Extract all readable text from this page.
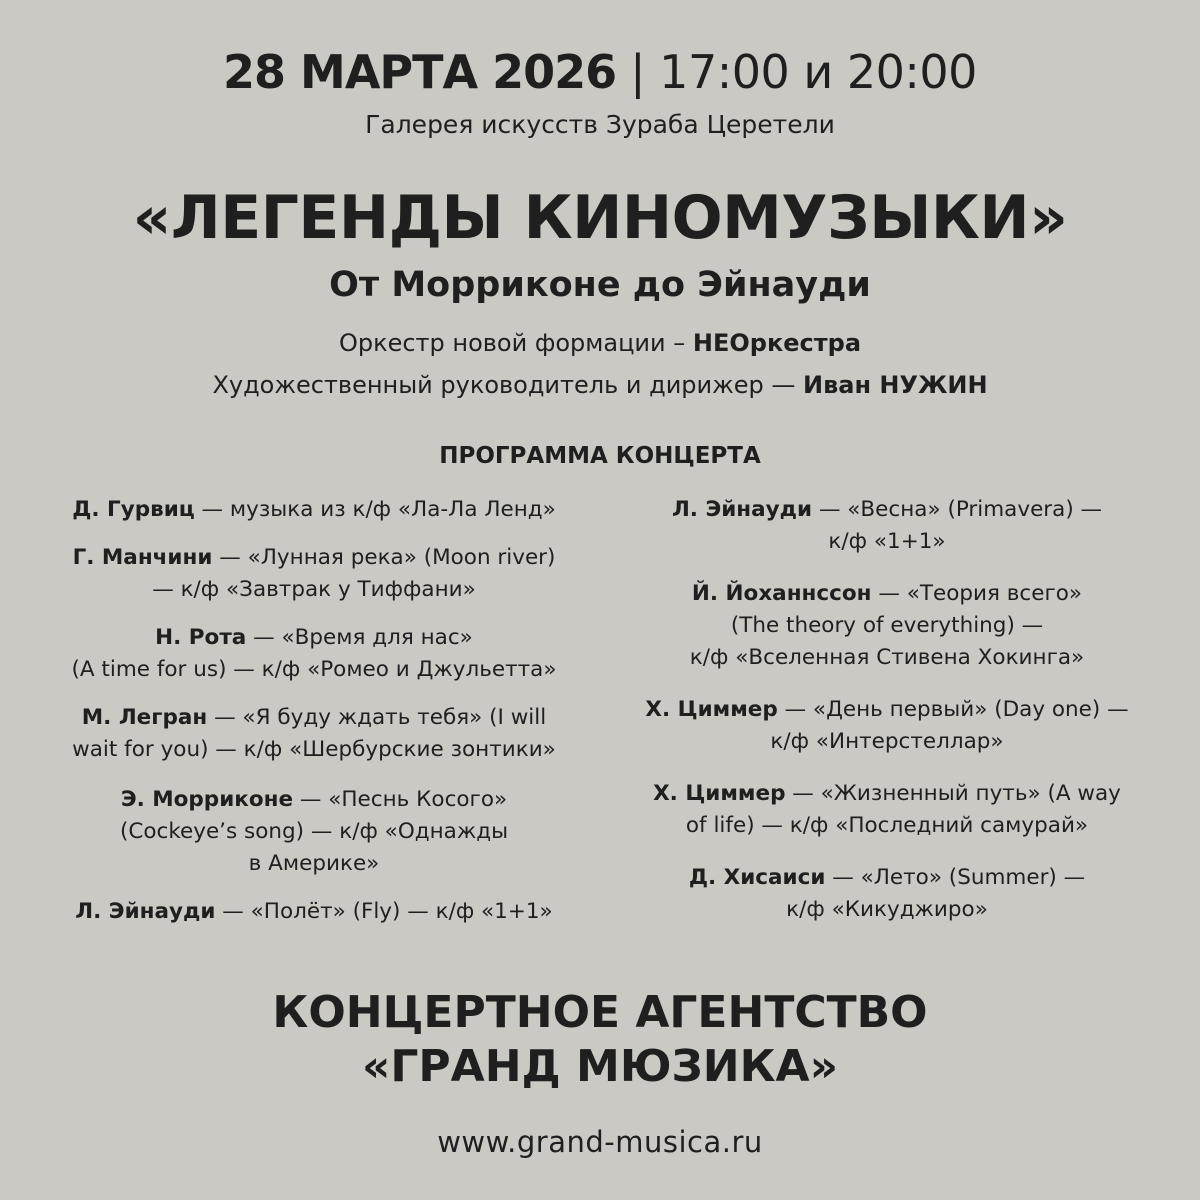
28 МАРТА 2026 | 17:00 и 20:00
Галерея искусств Зураба Церетели
«ЛЕГЕНДЫ КИНОМУЗЫКИ»
От Морриконе до Эйнауди
Оркестр новой формации – НЕОркестра
Художественный руководитель и дирижер — Иван НУЖИН
ПРОГРАММА КОНЦЕРТА
Д. Гурвиц — музыка из к/ф «Ла-Ла Ленд»
Г. Манчини — «Лунная река» (Moon river)
— к/ф «Завтрак у Тиффани»
Н. Рота — «Время для нас»
(A time for us) — к/ф «Ромео и Джульетта»
М. Легран — «Я буду ждать тебя» (I will
wait for you) — к/ф «Шербурские зонтики»
Э. Морриконе — «Песнь Косого»
(Cockeye’s song) — к/ф «Однажды
в Америке»
Л. Эйнауди — «Полёт» (Fly) — к/ф «1+1»
Л. Эйнауди — «Весна» (Primavera) —
к/ф «1+1»
Й. Йоханнссон — «Теория всего»
(The theory of everything) —
к/ф «Вселенная Стивена Хокинга»
Х. Циммер — «День первый» (Day one) —
к/ф «Интерстеллар»
Х. Циммер — «Жизненный путь» (A way
of life) — к/ф «Последний самурай»
Д. Хисаиси — «Лето» (Summer) —
к/ф «Кикуджиро»
КОНЦЕРТНОЕ АГЕНТСТВО
«ГРАНД МЮЗИКА»
www.grand-musica.ru
